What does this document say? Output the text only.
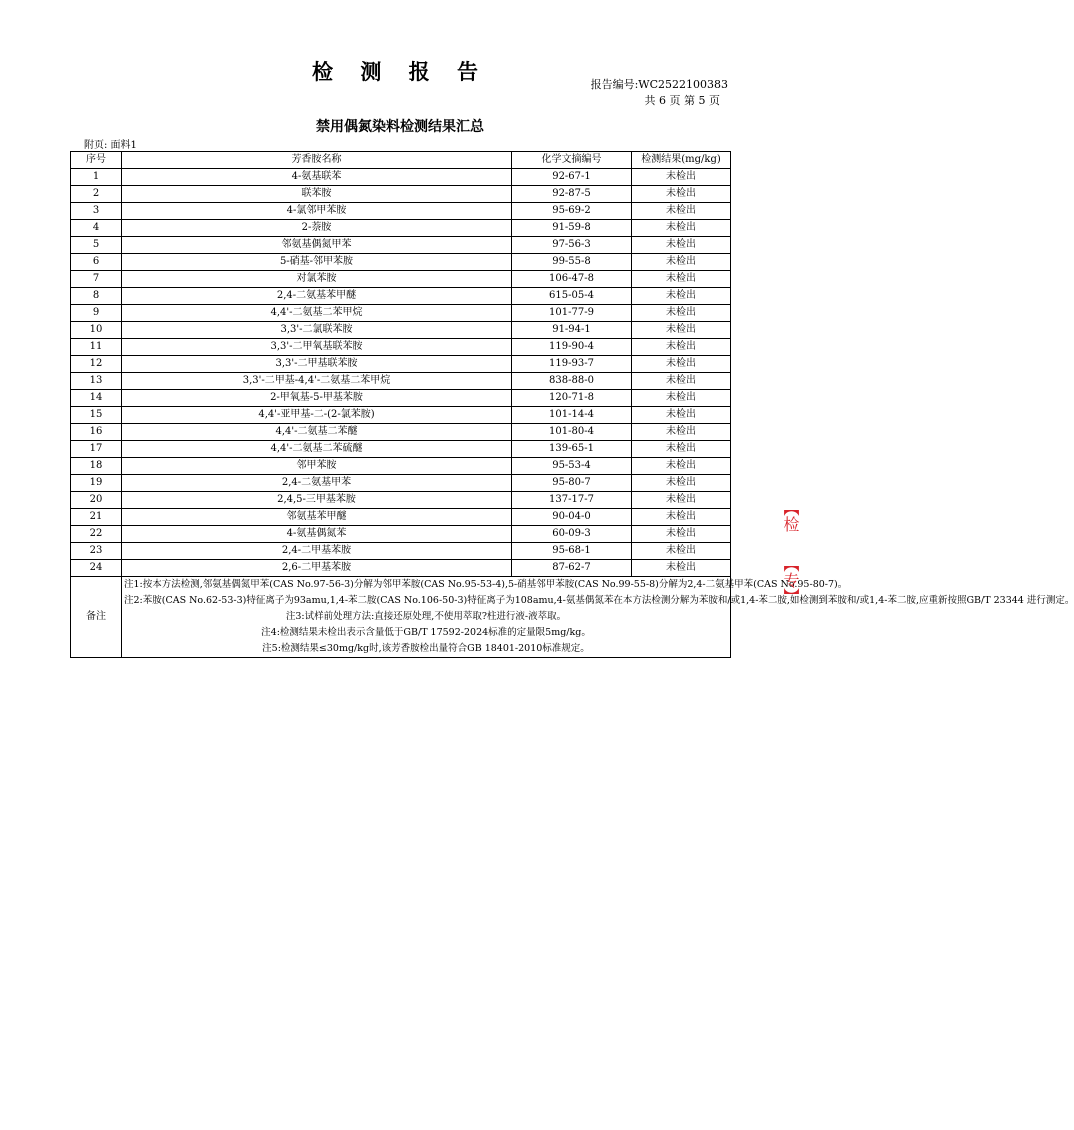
检 测 报 告
报告编号:WC2522100383
共 6 页 第 5 页
禁用偶氮染料检测结果汇总
附页: 面料1
序号	芳香胺名称	化学文摘编号	检测结果(mg/kg)
1	4-氨基联苯	92-67-1	未检出
2	联苯胺	92-87-5	未检出
3	4-氯邻甲苯胺	95-69-2	未检出
4	2-萘胺	91-59-8	未检出
5	邻氨基偶氮甲苯	97-56-3	未检出
6	5-硝基-邻甲苯胺	99-55-8	未检出
7	对氯苯胺	106-47-8	未检出
8	2,4-二氨基苯甲醚	615-05-4	未检出
9	4,4'-二氨基二苯甲烷	101-77-9	未检出
10	3,3'-二氯联苯胺	91-94-1	未检出
11	3,3'-二甲氧基联苯胺	119-90-4	未检出
12	3,3'-二甲基联苯胺	119-93-7	未检出
13	3,3'-二甲基-4,4'-二氨基二苯甲烷	838-88-0	未检出
14	2-甲氧基-5-甲基苯胺	120-71-8	未检出
15	4,4'-亚甲基-二-(2-氯苯胺)	101-14-4	未检出
16	4,4'-二氨基二苯醚	101-80-4	未检出
17	4,4'-二氨基二苯硫醚	139-65-1	未检出
18	邻甲苯胺	95-53-4	未检出
19	2,4-二氨基甲苯	95-80-7	未检出
20	2,4,5-三甲基苯胺	137-17-7	未检出
21	邻氨基苯甲醚	90-04-0	未检出
22	4-氨基偶氮苯	60-09-3	未检出
23	2,4-二甲基苯胺	95-68-1	未检出
24	2,6-二甲基苯胺	87-62-7	未检出
备注	注1:按本方法检测,邻氨基偶氮甲苯(CAS No.97-56-3)分解为邻甲苯胺(CAS No.95-53-4),5-硝基邻甲苯胺(CAS No.99-55-8)分解为2,4-二氨基甲苯(CAS No.95-80-7)。
注2:苯胺(CAS No.62-53-3)特征离子为93amu,1,4-苯二胺(CAS No.106-50-3)特征离子为108amu,4-氨基偶氮苯在本方法检测分解为苯胺和/或1,4-苯二胺,如检测到苯胺和/或1,4-苯二胺,应重新按照GB/T 23344 进行测定。
注3:试样前处理方法:直接还原处理,不使用萃取?柱进行液-液萃取。
注4:检测结果未检出表示含量低于GB/T 17592-2024标准的定量限5mg/kg。
注5:检测结果≤30mg/kg时,该芳香胺检出量符合GB 18401-2010标准规定。		
【检
【专】
